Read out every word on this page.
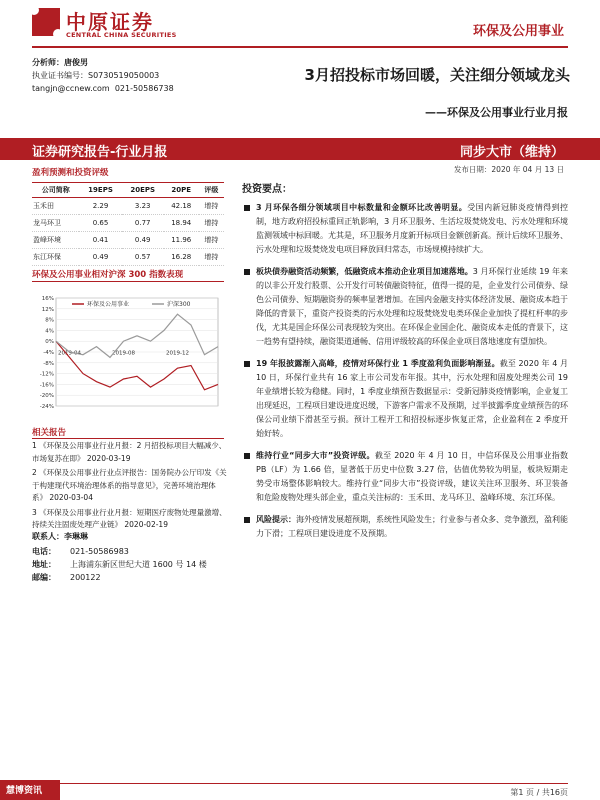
中原证券
CENTRAL CHINA SECURITIES	环保及公用事业
分析师：唐俊男
执业证书编号：S0730519050003
tangjn@ccnew.com 021-50586738
3月招投标市场回暖，关注细分领域龙头
——环保及公用事业行业月报
证券研究报告-行业月报	同步大市（维持）
发布日期：2020 年 04 月 13 日
盈利预测和投资评级
公司简称	19EPS	20EPS	20PE	评级
玉禾田	2.29	3.23	42.18	增持
龙马环卫	0.65	0.77	18.94	增持
盈峰环境	0.41	0.49	11.96	增持
东江环保	0.49	0.57	16.28	增持
环保及公用事业相对沪深 300 指数表现
16%
12%
8%
4%
0%
-4%
-8%
-12%
-16%
-20%
-24%
2019-04	2019-08	2019-12
环保及公用事业	沪深300
相关报告

1 《环保及公用事业行业月报：2 月招投标项目大幅减少、市场复苏在即》 2020-03-19

2 《环保及公用事业行业点评报告：国务院办公厅印发《关于构建现代环境治理体系的指导意见》，完善环境治理体系》 2020-03-04

3 《环保及公用事业行业月报：短期医疗废物处理量激增、持续关注固废处理产业链》 2020-02-19

联系人：李琳琳
电话：	021-50586983
地址：	上海浦东新区世纪大道 1600 号 14 楼
邮编：	200122
投资要点：
3 月环保各细分领域项目中标数量和金额环比改善明显。受国内新冠肺炎疫情得到控制，地方政府招投标重回正轨影响，3 月环卫服务、生活垃圾焚烧发电、污水处理和环境监测领域中标回暖。尤其是，环卫服务月度新开标项目金额创新高。预计后续环卫服务、污水处理和垃圾焚烧发电项目释放回归常态，市场规模持续扩大。
板块债券融资活动频繁，低融资成本推动企业项目加速落地。3 月环保行业延续 19 年来的以非公开发行股票、公开发行可转债融资特征，值得一提的是，企业发行公司债券、绿色公司债券、短期融资券的频率显著增加。在国内金融支持实体经济发展、融资成本趋于降低的背景下，重资产投资类的污水处理和垃圾焚烧发电类环保企业加快了提杠杆率的步伐，尤其是国企环保公司表现较为突出。在环保企业国企化、融资成本走低的背景下，这一趋势有望持续，融资渠道通畅、信用评级较高的环保企业项目落地速度有望加快。
19 年报披露渐入高峰，疫情对环保行业 1 季度盈利负面影响渐显。截至 2020 年 4 月 10 日，环保行业共有 16 家上市公司发布年报。其中，污水处理和固废处理类公司 19 年业绩增长较为稳健。同时，1 季度业绩预告数据显示：受新冠肺炎疫情影响，企业复工出现延迟，工程项目建设进度迟缓，下游客户需求不及预期，过半披露季度业绩预告的环保公司业绩下滑甚至亏损。预计工程开工和招投标逐步恢复正常，企业盈利在 2 季度开始好转。
维持行业“同步大市”投资评级。截至 2020 年 4 月 10 日，中信环保及公用事业指数 PB（LF）为 1.66 倍，显著低于历史中位数 3.27 倍，估值优势较为明显，板块短期走势受市场整体影响较大。维持行业“同步大市”投资评级，建议关注环卫服务、环卫装备和危险废物处理头部企业，重点关注标的：玉禾田、龙马环卫、盈峰环境、东江环保。
风险提示：海外疫情发展超预期，系统性风险发生；行业参与者众多、竞争激烈，盈利能力下滑；工程项目建设进度不及预期。
慧博资讯	第1 页 / 共16页
